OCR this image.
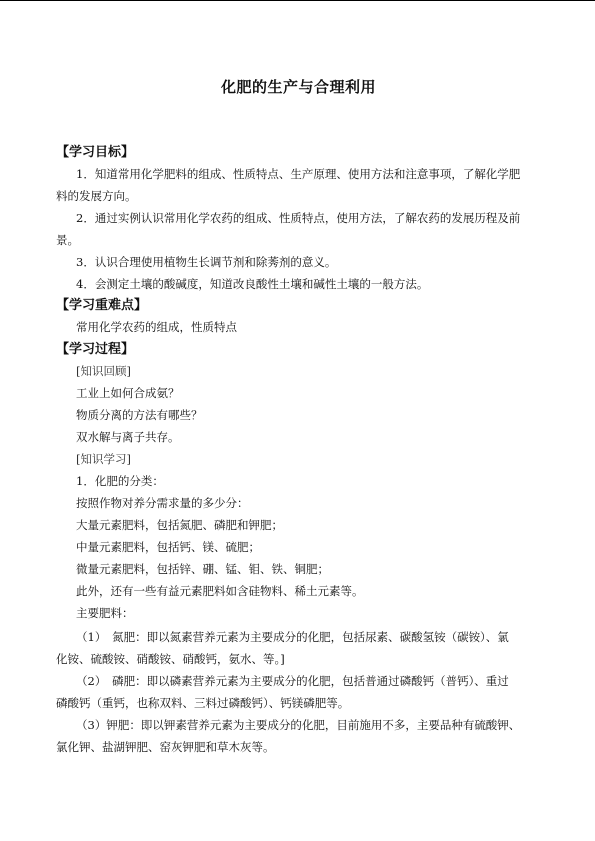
化肥的生产与合理利用
【学习目标】
1．知道常用化学肥料的组成、性质特点、生产原理、使用方法和注意事项，了解化学肥
料的发展方向。
2．通过实例认识常用化学农药的组成、性质特点，使用方法，了解农药的发展历程及前
景。
3．认识合理使用植物生长调节剂和除莠剂的意义。
4．会测定土壤的酸碱度，知道改良酸性土壤和碱性土壤的一般方法。
【学习重难点】
常用化学农药的组成，性质特点
【学习过程】
[知识回顾]
工业上如何合成氨？
物质分离的方法有哪些？
双水解与离子共存。
[知识学习]
1．化肥的分类：
按照作物对养分需求量的多少分：
大量元素肥料，包括氮肥、磷肥和钾肥；
中量元素肥料，包括钙、镁、硫肥；
微量元素肥料，包括锌、硼、锰、钼、铁、铜肥；
此外，还有一些有益元素肥料如含硅物料、稀土元素等。
主要肥料：
（1）　氮肥：即以氮素营养元素为主要成分的化肥，包括尿素、碳酸氢铵（碳铵）、氯
化铵、硫酸铵、硝酸铵、硝酸钙，氨水、等。]
（2）　磷肥：即以磷素营养元素为主要成分的化肥，包括普通过磷酸钙（普钙）、重过
磷酸钙（重钙，也称双料、三料过磷酸钙）、钙镁磷肥等。
（3）钾肥：即以钾素营养元素为主要成分的化肥，目前施用不多，主要品种有硫酸钾、
氯化钾、盐湖钾肥、窑灰钾肥和草木灰等。
